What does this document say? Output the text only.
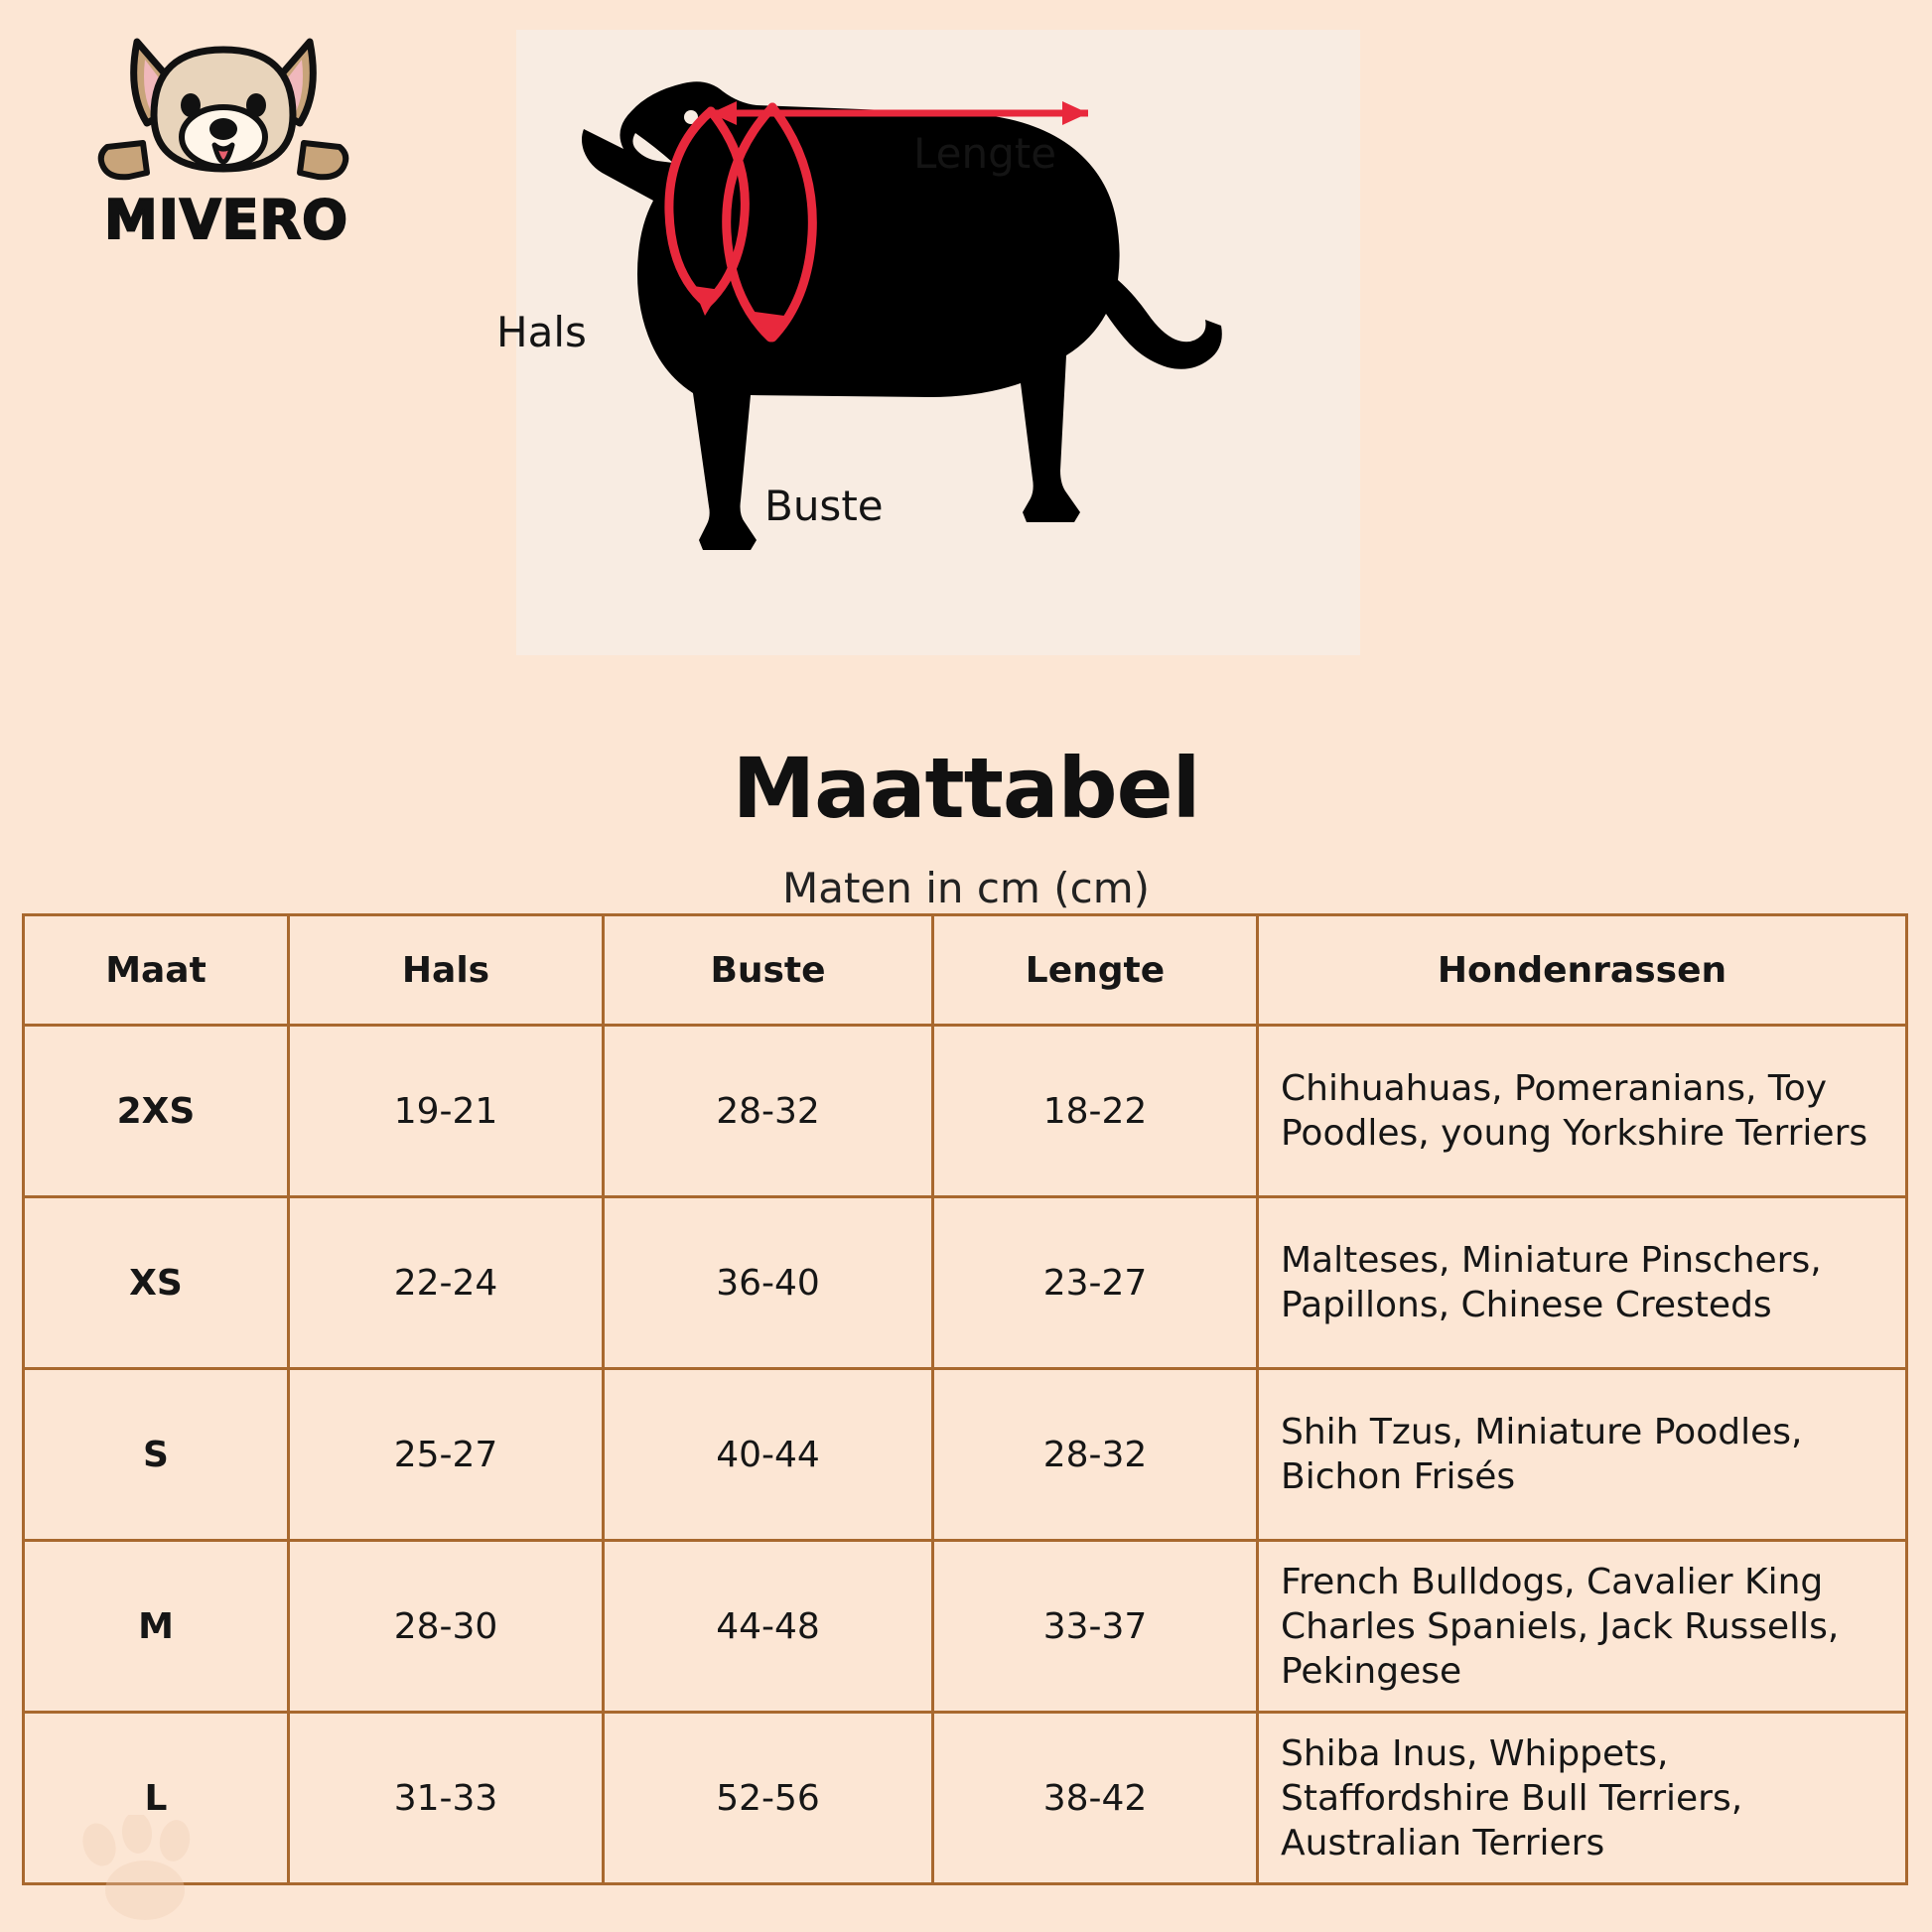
MIVERO
Lengte
Hals
Buste
Maattabel
Maten in cm (cm)
Maat	Hals	Buste	Lengte	Hondenrassen
2XS	19-21	28-32	18-22	Chihuahuas, Pomeranians, Toy Poodles, young Yorkshire Terriers
XS	22-24	36-40	23-27	Malteses, Miniature Pinschers, Papillons, Chinese Cresteds
S	25-27	40-44	28-32	Shih Tzus, Miniature Poodles, Bichon Frisés
M	28-30	44-48	33-37	French Bulldogs, Cavalier King Charles Spaniels, Jack Russells, Pekingese
L	31-33	52-56	38-42	Shiba Inus, Whippets, Staffordshire Bull Terriers, Australian Terriers
